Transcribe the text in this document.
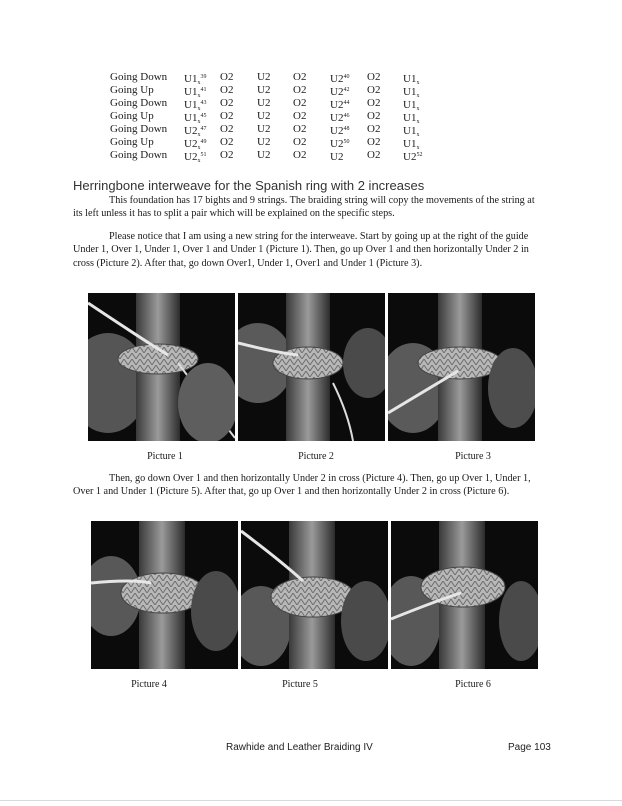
Going Down $U1_x^{39}$ O2 U2 O2 $U2^{40}$ O2 $U1_x$
Going Up	$U1_x^{41}$ O2 U2 O2 $U2^{42}$ O2 $U1_x$
Going Down $U1_x^{43}$ O2 U2 O2 $U2^{44}$ O2 $U1_x$
Going Up	$U1_x^{45}$ O2 U2 O2 $U2^{46}$ O2 $U1_x$
Going Down $U2_x^{47}$ O2 U2 O2 $U2^{48}$ O2 $U1_x$
Going Up	$U2_x^{49}$ O2 U2 O2 $U2^{50}$ O2 $U1_x$
Going Down $U2_x^{51}$ O2 U2 O2 U2 O2 $U2^{52}$
Herringbone interweave for the Spanish ring with 2 increases

This foundation has 17 bights and 9 strings. The braiding string will copy the movements of the string at its left unless it has to split a pair which will be explained on the specific steps.

Please notice that I am using a new string for the interweave. Start by going up at the right of the guide Under 1, Over 1, Under 1, Over 1 and Under 1 (Picture 1). Then, go up Over 1 and then horizontally Under 2 in cross (Picture 2). After that, go down Over1, Under 1, Over1 and Under 1 (Picture 3).

Picture 1	Picture 2	Picture 3

Then, go down Over 1 and then horizontally Under 2 in cross (Picture 4). Then, go up Over 1, Under 1, Over 1 and Under 1 (Picture 5). After that, go up Over 1 and then horizontally Under 2 in cross (Picture 6).

Picture 4	Picture 5	Picture 6

Rawhide and Leather Braiding IV	Page 103
